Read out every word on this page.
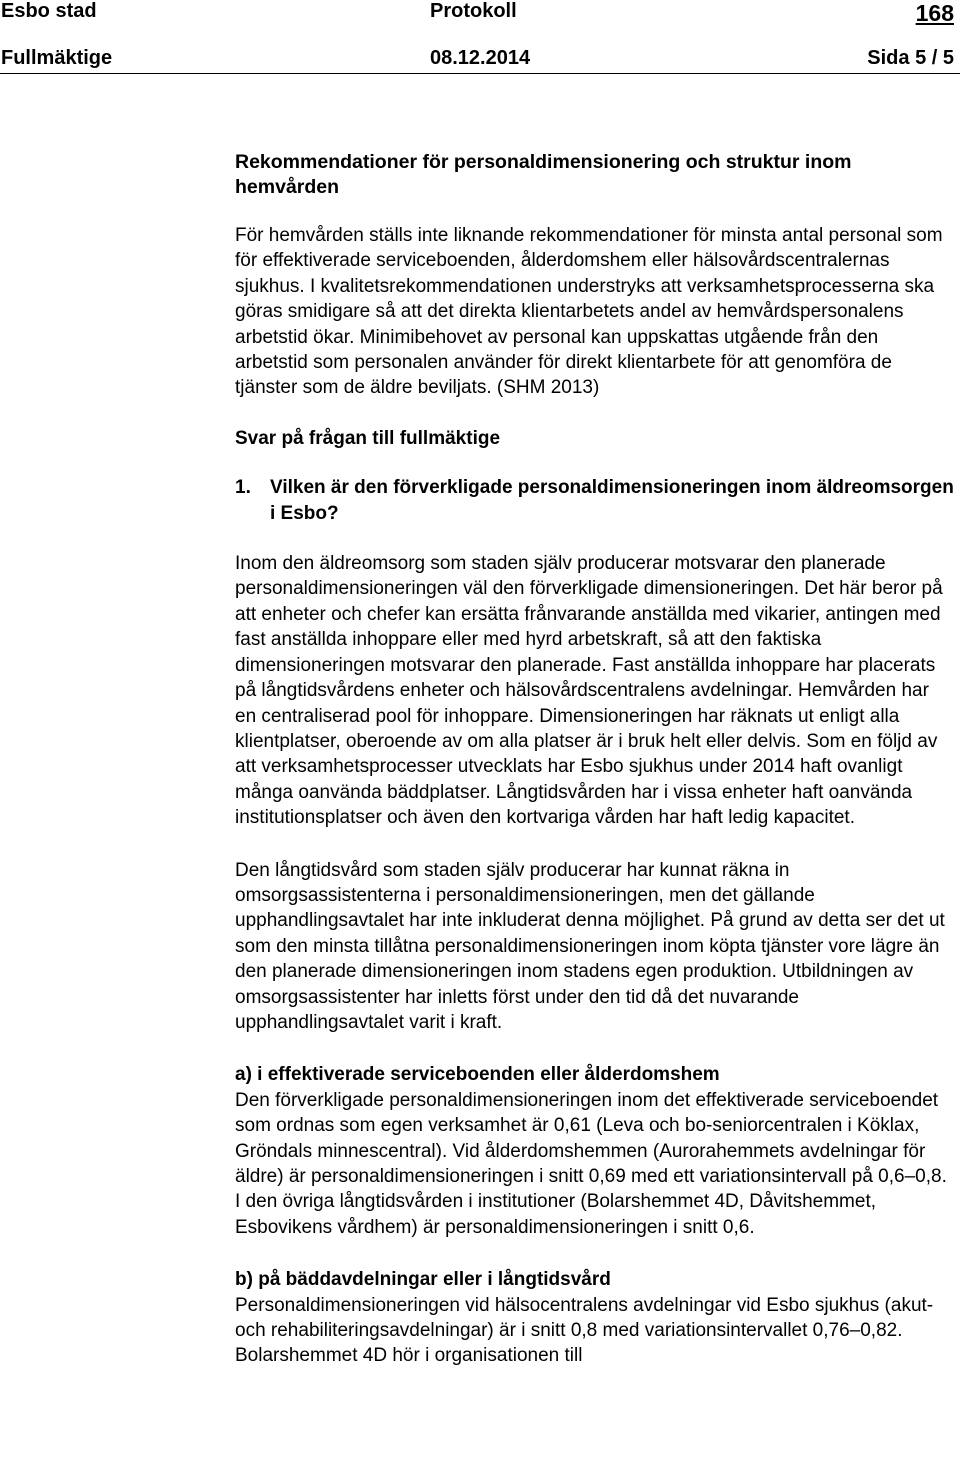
Esbo stad	Protokoll	168
Fullmäktige	08.12.2014	Sida 5 / 5

Rekommendationer för personaldimensionering och struktur inom hemvården

För hemvården ställs inte liknande rekommendationer för minsta antal personal som för effektiverade serviceboenden, ålderdomshem eller hälsovårdscentralernas sjukhus. I kvalitetsrekommendationen understryks att verksamhetsprocesserna ska göras smidigare så att det direkta klientarbetets andel av hemvårdspersonalens arbetstid ökar. Minimibehovet av personal kan uppskattas utgående från den arbetstid som personalen använder för direkt klientarbete för att genomföra de tjänster som de äldre beviljats. (SHM 2013)

Svar på frågan till fullmäktige

1.	Vilken är den förverkligade personaldimensioneringen inom äldreomsorgen i Esbo?

Inom den äldreomsorg som staden själv producerar motsvarar den planerade personaldimensioneringen väl den förverkligade dimensioneringen. Det här beror på att enheter och chefer kan ersätta frånvarande anställda med vikarier, antingen med fast anställda inhoppare eller med hyrd arbetskraft, så att den faktiska dimensioneringen motsvarar den planerade. Fast anställda inhoppare har placerats på långtidsvårdens enheter och hälsovårdscentralens avdelningar. Hemvården har en centraliserad pool för inhoppare. Dimensioneringen har räknats ut enligt alla klientplatser, oberoende av om alla platser är i bruk helt eller delvis. Som en följd av att verksamhetsprocesser utvecklats har Esbo sjukhus under 2014 haft ovanligt många oanvända bäddplatser. Långtidsvården har i vissa enheter haft oanvända institutionsplatser och även den kortvariga vården har haft ledig kapacitet.

Den långtidsvård som staden själv producerar har kunnat räkna in omsorgsassistenterna i personaldimensioneringen, men det gällande upphandlingsavtalet har inte inkluderat denna möjlighet. På grund av detta ser det ut som den minsta tillåtna personaldimensioneringen inom köpta tjänster vore lägre än den planerade dimensioneringen inom stadens egen produktion. Utbildningen av omsorgsassistenter har inletts först under den tid då det nuvarande upphandlingsavtalet varit i kraft.

a) i effektiverade serviceboenden eller ålderdomshem

Den förverkligade personaldimensioneringen inom det effektiverade serviceboendet som ordnas som egen verksamhet är 0,61 (Leva och bo-seniorcentralen i Köklax, Gröndals minnescentral). Vid ålderdomshemmen (Aurorahemmets avdelningar för äldre) är personaldimensioneringen i snitt 0,69 med ett variationsintervall på 0,6–0,8. I den övriga långtidsvården i institutioner (Bolarshemmet 4D, Dåvitshemmet, Esbovikens vårdhem) är personaldimensioneringen i snitt 0,6.

b) på bäddavdelningar eller i långtidsvård

Personaldimensioneringen vid hälsocentralens avdelningar vid Esbo sjukhus (akut- och rehabiliteringsavdelningar) är i snitt 0,8 med variationsintervallet 0,76–0,82. Bolarshemmet 4D hör i organisationen till
